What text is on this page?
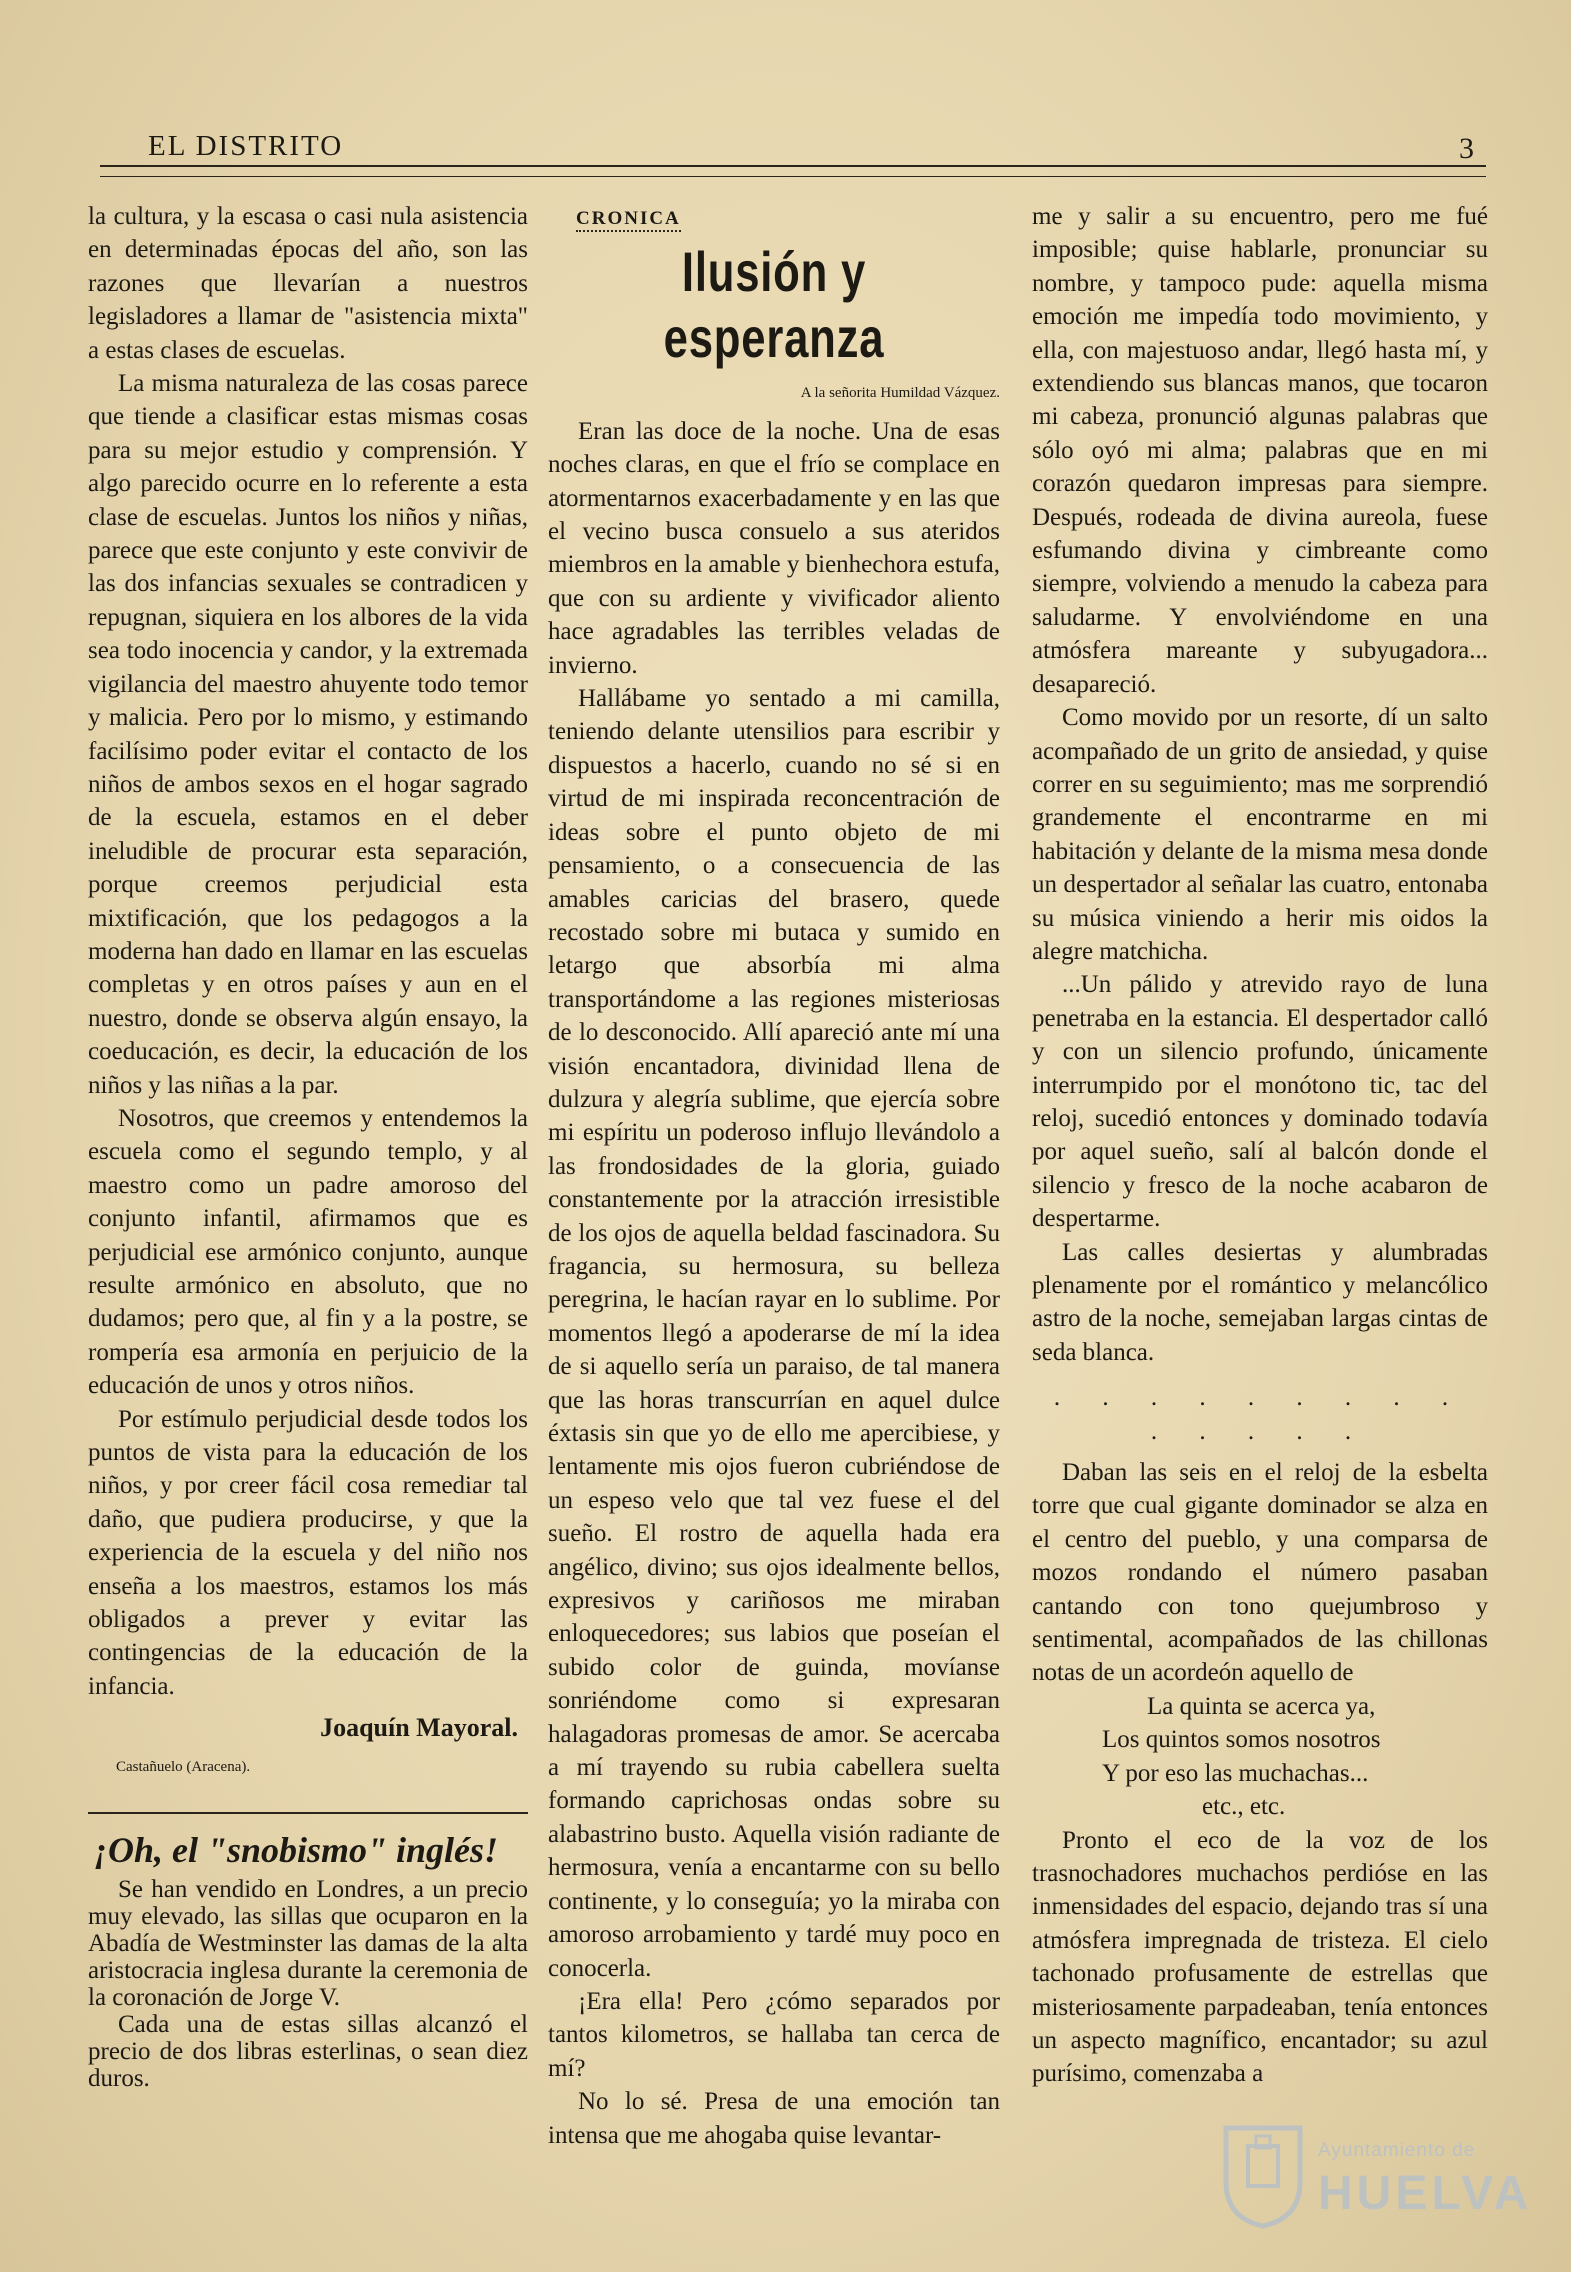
EL DISTRITO	3

la cultura, y la escasa o casi nula asistencia en determinadas épocas del año, son las razones que llevarían a nuestros legisladores a llamar de "asistencia mixta" a estas clases de escuelas.

La misma naturaleza de las cosas parece que tiende a clasificar estas mismas cosas para su mejor estudio y comprensión. Y algo parecido ocurre en lo referente a esta clase de escuelas. Juntos los niños y niñas, parece que este conjunto y este convivir de las dos infancias sexuales se contradicen y repugnan, siquiera en los albores de la vida sea todo inocencia y candor, y la extremada vigilancia del maestro ahuyente todo temor y malicia. Pero por lo mismo, y estimando facilísimo poder evitar el contacto de los niños de ambos sexos en el hogar sagrado de la escuela, estamos en el deber ineludible de procurar esta separación, porque creemos perjudicial esta mixtificación, que los pedagogos a la moderna han dado en llamar en las escuelas completas y en otros países y aun en el nuestro, donde se observa algún ensayo, la coeducación, es decir, la educación de los niños y las niñas a la par.

Nosotros, que creemos y entendemos la escuela como el segundo templo, y al maestro como un padre amoroso del conjunto infantil, afirmamos que es perjudicial ese armónico conjunto, aunque resulte armónico en absoluto, que no dudamos; pero que, al fin y a la postre, se rompería esa armonía en perjuicio de la educación de unos y otros niños.

Por estímulo perjudicial desde todos los puntos de vista para la educación de los niños, y por creer fácil cosa remediar tal daño, que pudiera producirse, y que la experiencia de la escuela y del niño nos enseña a los maestros, estamos los más obligados a prever y evitar las contingencias de la educación de la infancia.

Joaquín Mayoral.
Castañuelo (Aracena).
¡Oh, el "snobismo" inglés!

Se han vendido en Londres, a un precio muy elevado, las sillas que ocuparon en la Abadía de Westminster las damas de la alta aristocracia inglesa durante la ceremonia de la coronación de Jorge V.

Cada una de estas sillas alcanzó el precio de dos libras esterlinas, o sean diez duros.

CRONICA
Ilusión y esperanza
A la señorita Humildad Vázquez.

Eran las doce de la noche. Una de esas noches claras, en que el frío se complace en atormentarnos exacerbadamente y en las que el vecino busca consuelo a sus ateridos miembros en la amable y bienhechora estufa, que con su ardiente y vivificador aliento hace agradables las terribles veladas de invierno.

Hallábame yo sentado a mi camilla, teniendo delante utensilios para escribir y dispuestos a hacerlo, cuando no sé si en virtud de mi inspirada reconcentración de ideas sobre el punto objeto de mi pensamiento, o a consecuencia de las amables caricias del brasero, quede recostado sobre mi butaca y sumido en letargo que absorbía mi alma transportándome a las regiones misteriosas de lo desconocido. Allí apareció ante mí una visión encantadora, divinidad llena de dulzura y alegría sublime, que ejercía sobre mi espíritu un poderoso influjo llevándolo a las frondosidades de la gloria, guiado constantemente por la atracción irresistible de los ojos de aquella beldad fascinadora. Su fragancia, su hermosura, su belleza peregrina, le hacían rayar en lo sublime. Por momentos llegó a apoderarse de mí la idea de si aquello sería un paraiso, de tal manera que las horas transcurrían en aquel dulce éxtasis sin que yo de ello me apercibiese, y lentamente mis ojos fueron cubriéndose de un espeso velo que tal vez fuese el del sueño. El rostro de aquella hada era angélico, divino; sus ojos idealmente bellos, expresivos y cariñosos me miraban enloquecedores; sus labios que poseían el subido color de guinda, movíanse sonriéndome como si expresaran halagadoras promesas de amor. Se acercaba a mí trayendo su rubia cabellera suelta formando caprichosas ondas sobre su alabastrino busto. Aquella visión radiante de hermosura, venía a encantarme con su bello continente, y lo conseguía; yo la miraba con amoroso arrobamiento y tardé muy poco en conocerla.

¡Era ella! Pero ¿cómo separados por tantos kilometros, se hallaba tan cerca de mí?

No lo sé. Presa de una emoción tan intensa que me ahogaba quise levantar-

me y salir a su encuentro, pero me fué imposible; quise hablarle, pronunciar su nombre, y tampoco pude: aquella misma emoción me impedía todo movimiento, y ella, con majestuoso andar, llegó hasta mí, y extendiendo sus blancas manos, que tocaron mi cabeza, pronunció algunas palabras que sólo oyó mi alma; palabras que en mi corazón quedaron impresas para siempre. Después, rodeada de divina aureola, fuese esfumando divina y cimbreante como siempre, volviendo a menudo la cabeza para saludarme. Y envolviéndome en una atmósfera mareante y subyugadora... desapareció.

Como movido por un resorte, dí un salto acompañado de un grito de ansiedad, y quise correr en su seguimiento; mas me sorprendió grandemente el encontrarme en mi habitación y delante de la misma mesa donde un despertador al señalar las cuatro, entonaba su música viniendo a herir mis oidos la alegre matchicha.

...Un pálido y atrevido rayo de luna penetraba en la estancia. El despertador calló y con un silencio profundo, únicamente interrumpido por el monótono tic, tac del reloj, sucedió entonces y dominado todavía por aquel sueño, salí al balcón donde el silencio y fresco de la noche acabaron de despertarme.

Las calles desiertas y alumbradas plenamente por el romántico y melancólico astro de la noche, semejaban largas cintas de seda blanca.

. . . . . . . . . . . . . .

Daban las seis en el reloj de la esbelta torre que cual gigante dominador se alza en el centro del pueblo, y una comparsa de mozos rondando el número pasaban cantando con tono quejumbroso y sentimental, acompañados de las chillonas notas de un acordeón aquello de

La quinta se acerca ya,
Los quintos somos nosotros
Y por eso las muchachas...
etc., etc.

Pronto el eco de la voz de los trasnochadores muchachos perdióse en las inmensidades del espacio, dejando tras sí una atmósfera impregnada de tristeza. El cielo tachonado profusamente de estrellas que misteriosamente parpadeaban, tenía entonces un aspecto magnífico, encantador; su azul purísimo, comenzaba a

Ayuntamiento de
HUELVA
